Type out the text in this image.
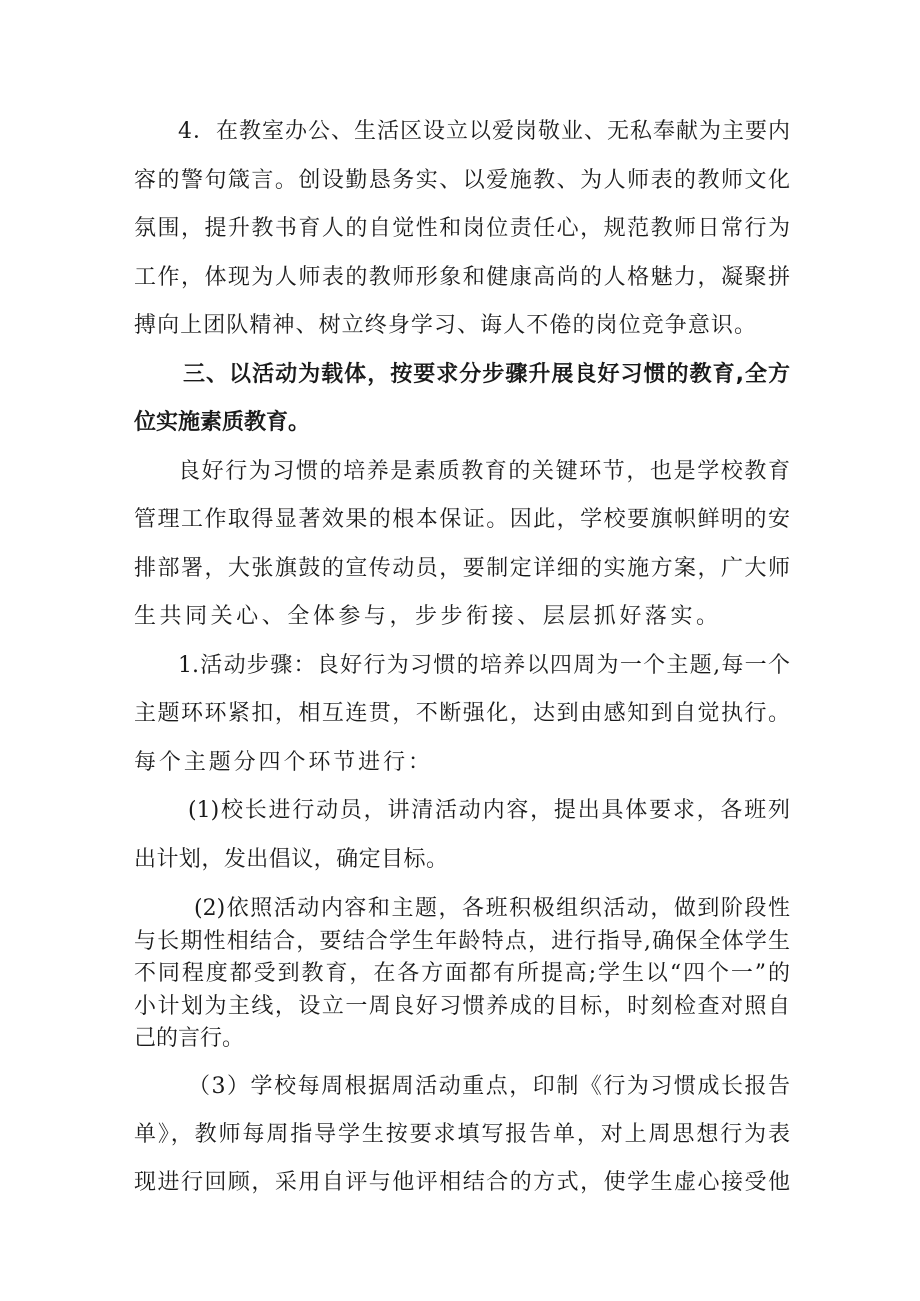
4．在教室办公、生活区设立以爱岗敬业、无私奉献为主要内
容的警句箴言。创设勤恳务实、以爱施教、为人师表的教师文化
氛围，提升教书育人的自觉性和岗位责任心，规范教师日常行为
工作，体现为人师表的教师形象和健康高尚的人格魅力，凝聚拼
搏向上团队精神、树立终身学习、诲人不倦的岗位竞争意识。
三、以活动为载体，按要求分步骤升展良好习惯的教育,全方
位实施素质教育。
良好行为习惯的培养是素质教育的关键环节，也是学校教育
管理工作取得显著效果的根本保证。因此，学校要旗帜鲜明的安
排部署，大张旗鼓的宣传动员，要制定详细的实施方案，广大师
生共同关心、全体参与，步步衔接、层层抓好落实。
1.活动步骤：良好行为习惯的培养以四周为一个主题,每一个
主题环环紧扣，相互连贯，不断强化，达到由感知到自觉执行。
每个主题分四个环节进行：
(1)校长进行动员，讲清活动内容，提出具体要求，各班列
出计划，发出倡议，确定目标。
(2)依照活动内容和主题，各班积极组织活动，做到阶段性
与长期性相结合，要结合学生年龄特点，进行指导,确保全体学生
不同程度都受到教育，在各方面都有所提高;学生以“四个一”的
小计划为主线，设立一周良好习惯养成的目标，时刻检查对照自
己的言行。
（3）学校每周根据周活动重点，印制《行为习惯成长报告
单》，教师每周指导学生按要求填写报告单，对上周思想行为表
现进行回顾，采用自评与他评相结合的方式，使学生虚心接受他
